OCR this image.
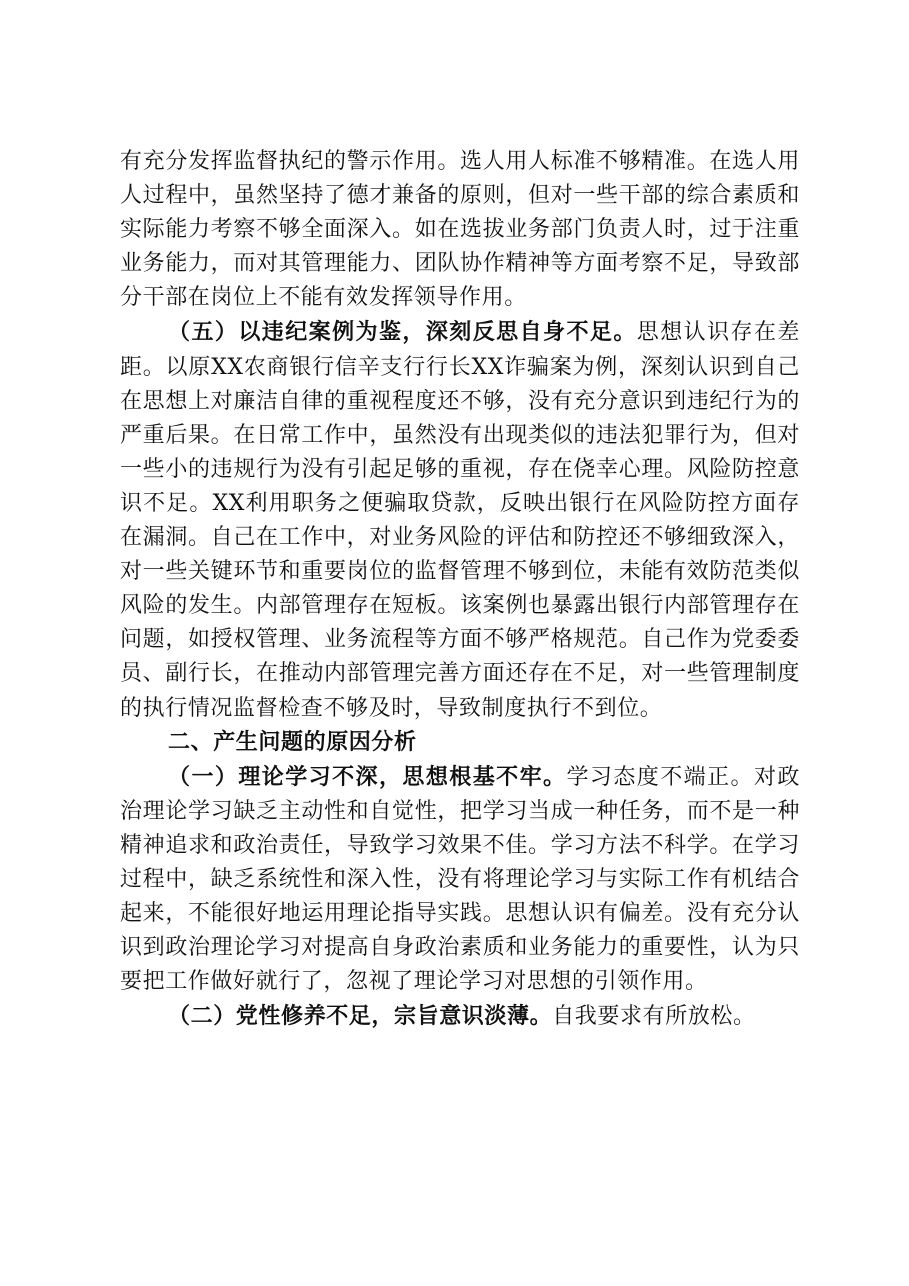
有充分发挥监督执纪的警示作用。选人用人标准不够精准。在选人用人过程中，虽然坚持了德才兼备的原则，但对一些干部的综合素质和实际能力考察不够全面深入。如在选拔业务部门负责人时，过于注重业务能力，而对其管理能力、团队协作精神等方面考察不足，导致部分干部在岗位上不能有效发挥领导作用。

（五）以违纪案例为鉴，深刻反思自身不足。思想认识存在差距。以原XX农商银行信辛支行行长XX诈骗案为例，深刻认识到自己在思想上对廉洁自律的重视程度还不够，没有充分意识到违纪行为的严重后果。在日常工作中，虽然没有出现类似的违法犯罪行为，但对一些小的违规行为没有引起足够的重视，存在侥幸心理。风险防控意识不足。XX利用职务之便骗取贷款，反映出银行在风险防控方面存在漏洞。自己在工作中，对业务风险的评估和防控还不够细致深入，对一些关键环节和重要岗位的监督管理不够到位，未能有效防范类似风险的发生。内部管理存在短板。该案例也暴露出银行内部管理存在问题，如授权管理、业务流程等方面不够严格规范。自己作为党委委员、副行长，在推动内部管理完善方面还存在不足，对一些管理制度的执行情况监督检查不够及时，导致制度执行不到位。

二、产生问题的原因分析

（一）理论学习不深，思想根基不牢。学习态度不端正。对政治理论学习缺乏主动性和自觉性，把学习当成一种任务，而不是一种精神追求和政治责任，导致学习效果不佳。学习方法不科学。在学习过程中，缺乏系统性和深入性，没有将理论学习与实际工作有机结合起来，不能很好地运用理论指导实践。思想认识有偏差。没有充分认识到政治理论学习对提高自身政治素质和业务能力的重要性，认为只要把工作做好就行了，忽视了理论学习对思想的引领作用。

（二）党性修养不足，宗旨意识淡薄。自我要求有所放松。
